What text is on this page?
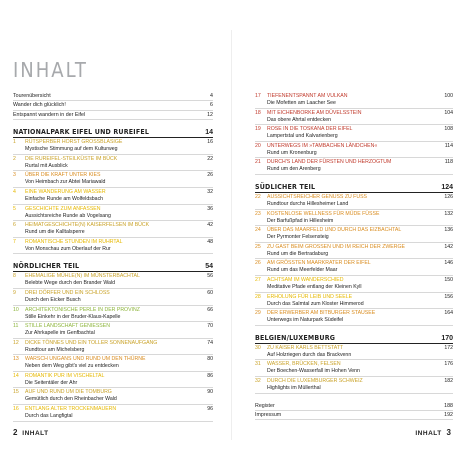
INHALT
Tourenübersicht	4
Wander dich glücklich!	6
Entspannt wandern in der Eifel	12
NATIONALPARK EIFEL UND RUREIFEL	14
1	RÜTSPERBER HORST GROSSBLASIGE	16
Mystische Stimmung auf dem Kulturweg
2	DIE RUREIFEL-STEILKÜSTE IM BÜCK	22
Rurtal mit Ausblick
3	ÜBER DIE KRAFT UNTER KIES	26
Von Heimbach zur Abtei Mariawald
4	EINE WANDERUNG AM WASSER	32
Einfache Runde am Wolfeldsbach
5	GESCHICHTE ZUM ANFASSEN	36
Aussichtsreiche Runde ab Vogelsang
6	HEIMATGESCHICHTE(N) KAISERFELSEN IM BÜCK	42
Rund um die Kalltalsperre
7	ROMANTISCHE STUNDEN IM RUHRTAL	48
Von Monschau zum Oberlauf der Rur
NÖRDLICHER TEIL	54
8	EHEMALIGE MÜHLE(N) IM MÜNSTERBACHTAL	56
Belebte Wege durch den Brander Wald
9	DREI DÖRFER UND EIN SCHLOSS	60
Durch den Eicker Busch
10	ARCHITEKTONISCHE PERLE IN DER PROVINZ	66
Stille Einkehr in der Bruder-Klaus-Kapelle
11	STILLE LANDSCHAFT GENIESSEN	70
Zur Ahrkapelle im Genfbachtal
12	DICKE TÖNNES UND EIN TOLLER SONNENAUFGANG	74
Rundtour am Michelsberg
13	WARSCH UNGANS UND RUND UM DEN THÜRNE	80
Neben dem Weg gibt's viel zu entdecken
14	ROMANTIK PUR IM VISCHELTAL	86
Die Seitentäler der Ahr
15	AUF UND RUND UM DIE TOMBURG	90
Gemütlich durch den Rheinbacher Wald
16	ENTLANG ALTER TROCKENMAUERN	96
Durch das Langfigtal
17	TIEFENENTSPANNT AM VULKAN	100
Die Mofetten am Laacher See
18	MIT EICHENBORKE AM DÜVELSSTEIN	104
Das obere Ahrtal entdecken
19	ROSE IN DIE TOSKANA DER EIFEL	108
Lampertstal und Kalvarienberg
20	UNTERWEGS IM »TAMBACHEN LÄNDCHEN«	114
Rund um Kronenburg
21	DURCH'S LAND DER FÜRSTEN UND HERZOGTUM	118
Rund um den Arenberg
SÜDLICHER TEIL	124
22	AUSSICHTSREICHER GENUSS ZU FUSS	126
Rundtour durchs Hillesheimer Land
23	KOSTENLOSE WELLNESS FÜR MÜDE FÜSSE	132
Der Barfußpfad in Hillesheim
24	ÜBER DAS MAARFELD UND DURCH DAS EIZBACHTAL	136
Der Pyrmonter Felsensteig
25	ZU GAST BEIM GROSSEN UND IM REICH DER ZWERGE	142
Rund um die Bertradaburg
26	AM GRÖSSTEN MAARKRATER DER EIFEL	146
Rund um das Meerfelder Maar
27	ACHTSAM IM WANDERSCHIED	150
Meditative Pfade entlang der Kleinen Kyll
28	ERHOLUNG FÜR LEIB UND SEELE	156
Durch das Salmtal zum Kloster Himmerod
29	DER ERWERBER AM BITBURGER STAUSEE	164
Unterwegs im Naturpark Südeifel
BELGIEN/LUXEMBURG	170
30	ZU KAISER KARLS BETTSTATT	172
Auf Holzriegen durch das Brackvenn
31	WASSER, BRÜCKEN, FELSEN	176
Der Boechen-Wasserfall im Hohen Venn
32	DURCH DIE LUXEMBURGER SCHWEIZ	182
Highlights im Müllerthal
Register	188
Impressum	192
2 INHALT	INHALT 3
